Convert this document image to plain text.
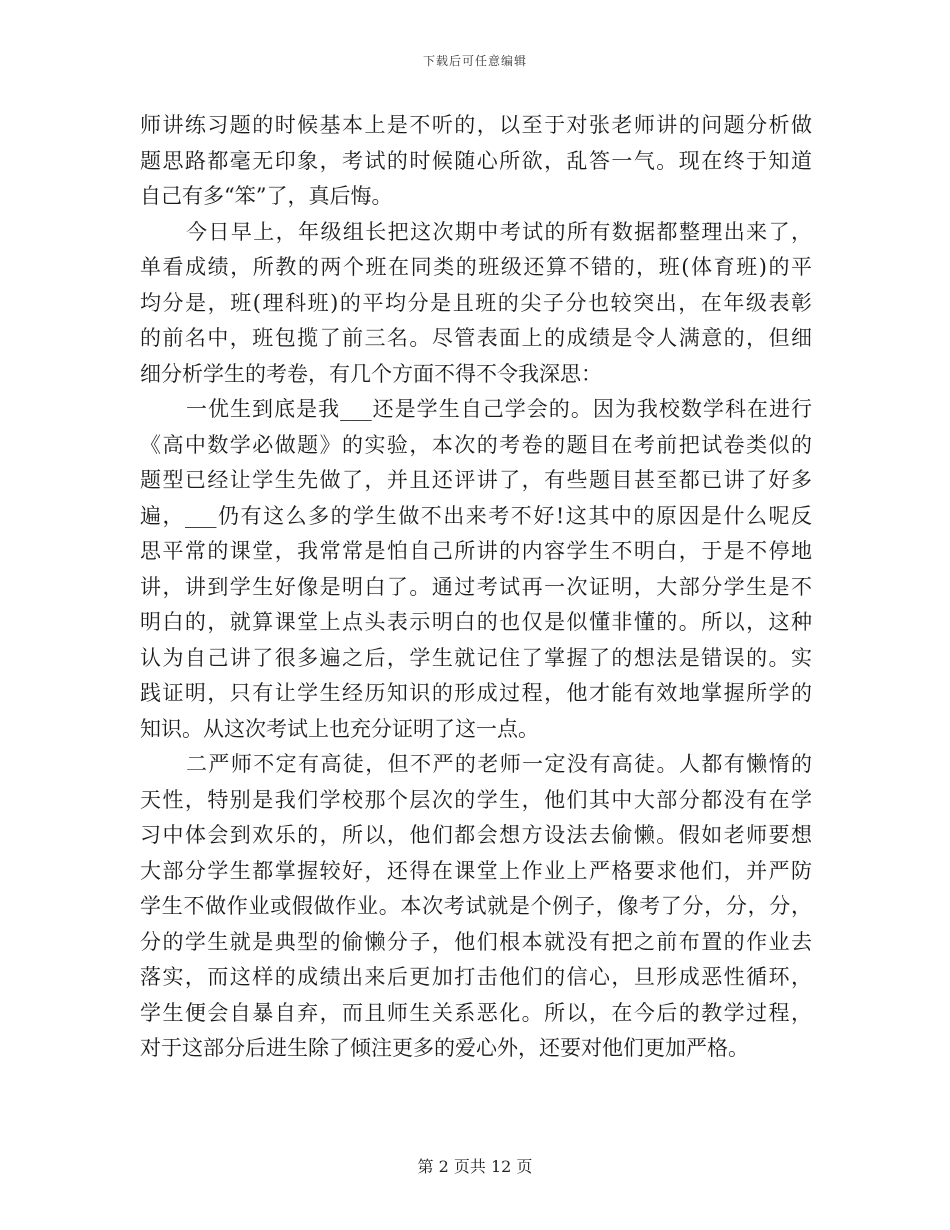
下载后可任意编辑
师讲练习题的时候基本上是不听的，以至于对张老师讲的问题分析做
题思路都毫无印象，考试的时候随心所欲，乱答一气。现在终于知道
自己有多“笨”了，真后悔。
今日早上，年级组长把这次期中考试的所有数据都整理出来了，
单看成绩，所教的两个班在同类的班级还算不错的，班(体育班)的平
均分是，班(理科班)的平均分是且班的尖子分也较突出，在年级表彰
的前名中，班包揽了前三名。尽管表面上的成绩是令人满意的，但细
细分析学生的考卷，有几个方面不得不令我深思：
一优生到底是我___还是学生自己学会的。因为我校数学科在进行
《高中数学必做题》的实验，本次的考卷的题目在考前把试卷类似的
题型已经让学生先做了，并且还评讲了，有些题目甚至都已讲了好多
遍，___仍有这么多的学生做不出来考不好!这其中的原因是什么呢反
思平常的课堂，我常常是怕自己所讲的内容学生不明白，于是不停地
讲，讲到学生好像是明白了。通过考试再一次证明，大部分学生是不
明白的，就算课堂上点头表示明白的也仅是似懂非懂的。所以，这种
认为自己讲了很多遍之后，学生就记住了掌握了的想法是错误的。实
践证明，只有让学生经历知识的形成过程，他才能有效地掌握所学的
知识。从这次考试上也充分证明了这一点。
二严师不定有高徒，但不严的老师一定没有高徒。人都有懒惰的
天性，特别是我们学校那个层次的学生，他们其中大部分都没有在学
习中体会到欢乐的，所以，他们都会想方设法去偷懒。假如老师要想
大部分学生都掌握较好，还得在课堂上作业上严格要求他们，并严防
学生不做作业或假做作业。本次考试就是个例子，像考了分，分，分，
分的学生就是典型的偷懒分子，他们根本就没有把之前布置的作业去
落实，而这样的成绩出来后更加打击他们的信心，旦形成恶性循环，
学生便会自暴自弃，而且师生关系恶化。所以，在今后的教学过程，
对于这部分后进生除了倾注更多的爱心外，还要对他们更加严格。
第 2 页共 12 页
